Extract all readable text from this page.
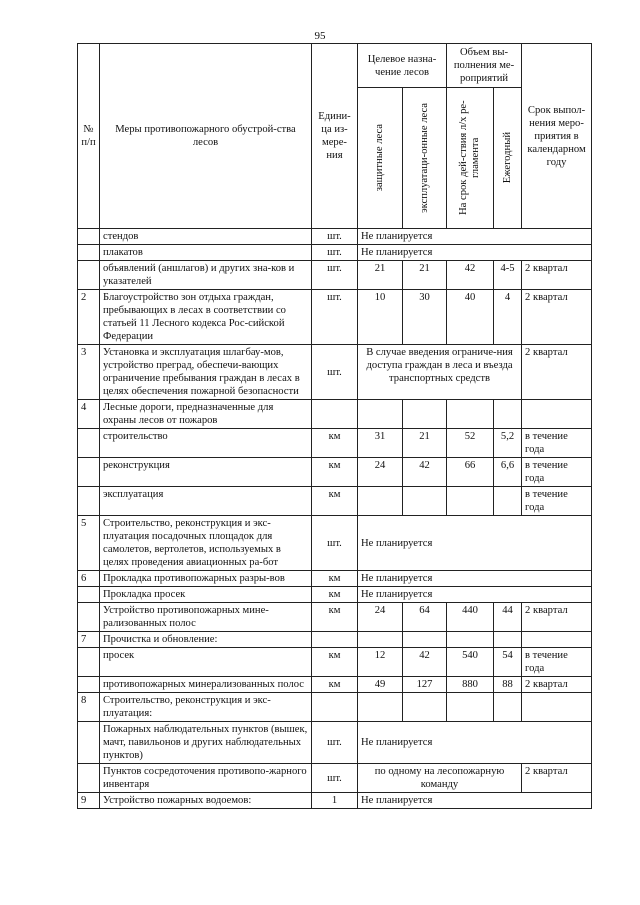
95
№ п/п	Меры противопожарного обустрой-ства лесов	Едини-ца из-мере-ния	Целевое назна-чение лесов		Объем вы-полнения ме-роприятий		Срок выпол-нения меро-приятия в календарном году

			защитные леса	эксплуатаци-онные леса	На срок дей-ствия л/х ре-гламента	Ежегодный	

	стендов	шт.	Не планируется				
	плакатов	шт.	Не планируется				
	объявлений (аншлагов) и других зна-ков и указателей	шт.	21	21	42	4-5	2 квартал
2	Благоустройство зон отдыха граждан, пребывающих в лесах в соответствии со статьей 11 Лесного кодекса Рос-сийской Федерации	шт.	10	30	40	4	2 квартал
3	Установка и эксплуатация шлагбау-мов, устройство преград, обеспечи-вающих ограничение пребывания граждан в лесах в целях обеспечения пожарной безопасности	шт.	В случае введения ограниче-ния доступа граждан в леса и въезда транспортных средств				2 квартал
4	Лесные дороги, предназначенные для охраны лесов от пожаров						
	строительство	км	31	21	52	5,2	в течение года
	реконструкция	км	24	42	66	6,6	в течение года
	эксплуатация	км					в течение года
5	Строительство, реконструкция и экс-плуатация посадочных площадок для самолетов, вертолетов, используемых в целях проведения авиационных ра-бот	шт.	Не планируется				
6	Прокладка противопожарных разры-вов	км	Не планируется				
	Прокладка просек	км	Не планируется				
	Устройство противопожарных мине-рализованных полос	км	24	64	440	44	2 квартал
7	Прочистка и обновление:						
	просек	км	12	42	540	54	в течение года
	противопожарных минерализованных полос	км	49	127	880	88	2 квартал
8	Строительство, реконструкция и экс-плуатация:						
	Пожарных наблюдательных пунктов (вышек, мачт, павильонов и других наблюдательных пунктов)	шт.	Не планируется				
	Пунктов сосредоточения противопо-жарного инвентаря	шт.	по одному на лесопожарную команду				2 квартал
9	Устройство пожарных водоемов:	1	Не планируется				
